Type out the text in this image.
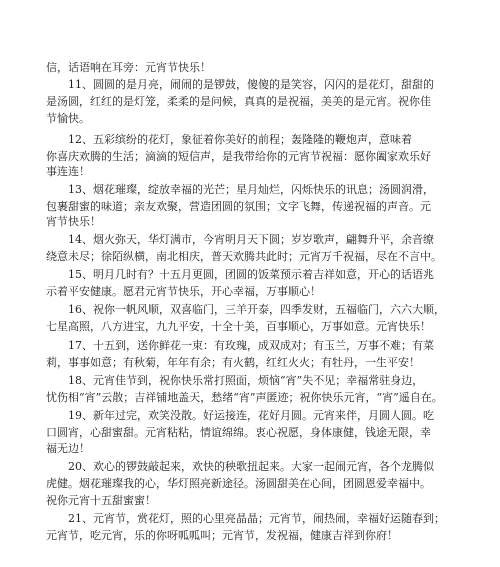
信，话语响在耳旁：元宵节快乐！
11、圆圆的是月亮，闹闹的是锣鼓，傻傻的是笑容，闪闪的是花灯，甜甜的
是汤圆，红红的是灯笼，柔柔的是问候，真真的是祝福，美美的是元宵。祝你佳
节愉快。
12、五彩缤纷的花灯，象征着你美好的前程；轰隆隆的鞭炮声，意味着
你喜庆欢腾的生活；滴滴的短信声，是我带给你的元宵节祝福：愿你阖家欢乐好
事连连！
13、烟花璀璨，绽放幸福的光芒；星月灿烂，闪烁快乐的讯息；汤圆润滑，
包裹甜蜜的味道；亲友欢聚，营造团圆的氛围；文字飞舞，传递祝福的声音。元
宵节快乐！
14、烟火弥天，华灯满市，今宵明月天下圆；岁岁歌声，翩舞升平，余音缭
绕意未尽；徐陌纵横，南北相庆，普天欢腾共此时；元宵万千祝福，尽在不言中。
15、明月几时有？十五月更圆，团圆的饭菜预示着吉祥如意，开心的话语兆
示着平安健康。愿君元宵节快乐，开心幸福，万事顺心！
16、祝你一帆风顺，双喜临门，三羊开泰，四季发财，五福临门，六六大顺，
七星高照，八方进宝，九九平安，十全十美，百事顺心，万事如意。元宵快乐！
17、十五到，送你鲜花一束：有玫瑰，成双成对；有玉兰，万事不难；有菜
莉，事事如意；有秋菊，年年有余；有火鹤，红红火火；有牡丹，一生平安！
18、元宵佳节到，祝你快乐常打照面，烦恼“宵”失不见；幸福常驻身边，
忧伤相“宵”云散；吉祥铺地盖天，愁绪“宵”声匿迹；祝你快乐元宵，“宵”遥自在。
19、新年过完，欢笑没散。好运接连，花好月圆。元宵来伴，月圆人圆。吃
口圆宵，心甜蜜甜。元宵粘粘，情谊绵绵。衷心祝愿，身体康健，钱途无限，幸
福无边！
20、欢心的锣鼓敲起来，欢快的秧歌扭起来。大家一起闹元宵，各个龙腾似
虎健。烟花璀璨我的心，华灯照亮新途径。汤圆甜美在心间，团圆恩爱幸福中。
祝你元宵十五甜蜜蜜！
21、元宵节，赏花灯，照的心里亮晶晶；元宵节，闹热闹，幸福好运随春到；
元宵节，吃元宵，乐的你呀呱呱叫；元宵节，发祝福，健康吉祥到你府！
